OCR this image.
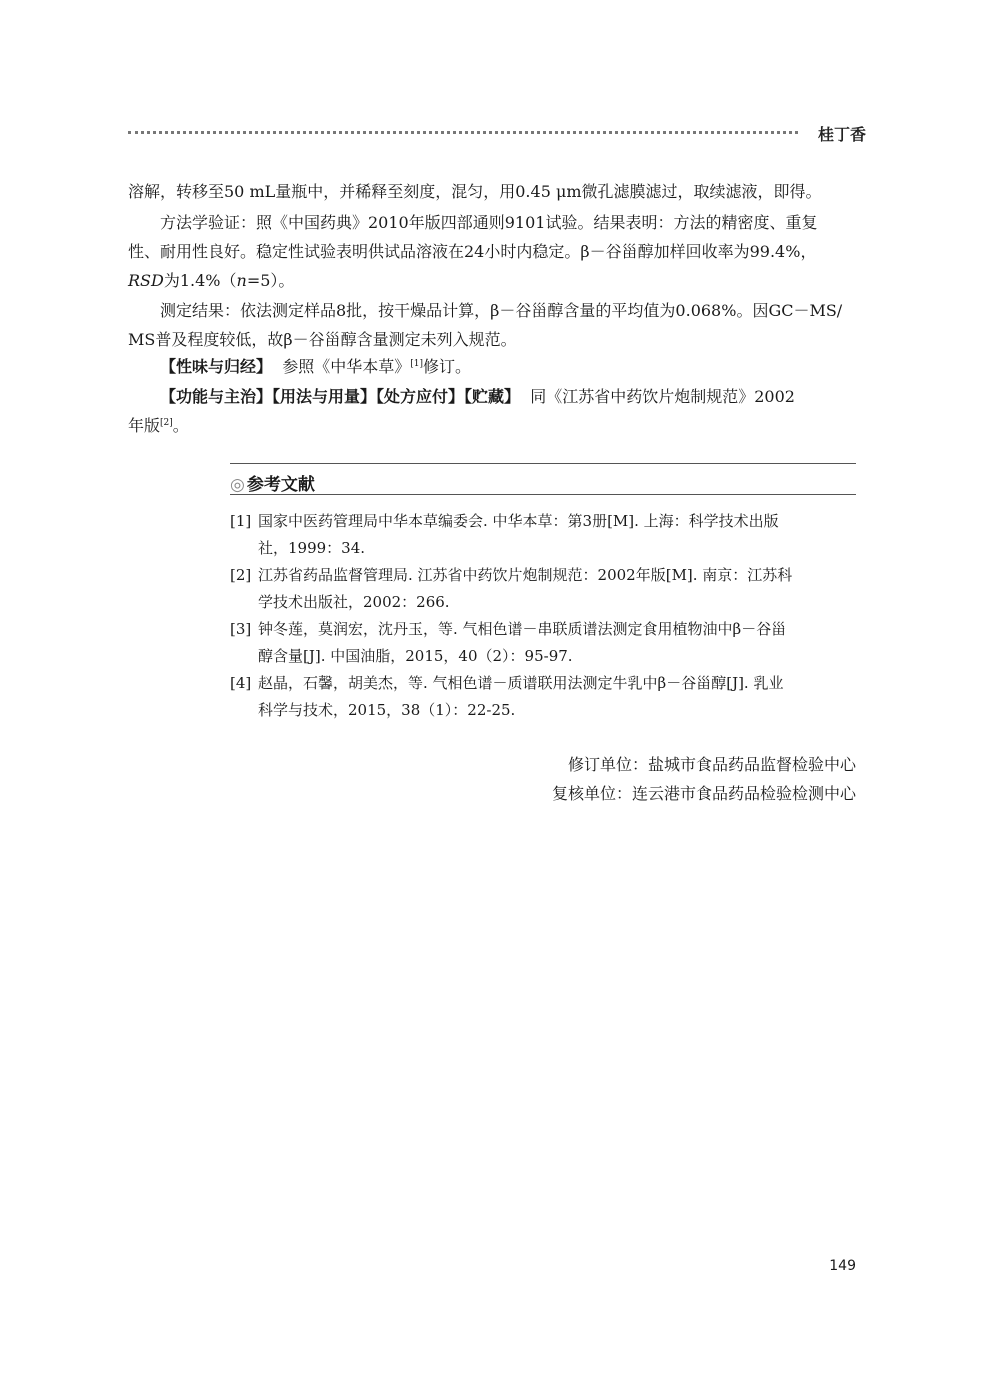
桂丁香
溶解，转移至50 mL量瓶中，并稀释至刻度，混匀，用0.45 μm微孔滤膜滤过，取续滤液，即得。
方法学验证：照《中国药典》2010年版四部通则9101试验。结果表明：方法的精密度、重复
性、耐用性良好。稳定性试验表明供试品溶液在24小时内稳定。β－谷甾醇加样回收率为99.4%，
RSD为1.4%（n=5）。
测定结果：依法测定样品8批，按干燥品计算，β－谷甾醇含量的平均值为0.068%。因GC－MS/
MS普及程度较低，故β－谷甾醇含量测定未列入规范。
【性味与归经】 参照《中华本草》[1]修订。
【功能与主治】【用法与用量】【处方应付】【贮藏】 同《江苏省中药饮片炮制规范》2002
年版[2]。
◎ 参考文献
[1] 国家中医药管理局中华本草编委会. 中华本草：第3册[M]. 上海：科学技术出版
社，1999：34.
[2] 江苏省药品监督管理局. 江苏省中药饮片炮制规范：2002年版[M]. 南京：江苏科
学技术出版社，2002：266.
[3] 钟冬莲，莫润宏，沈丹玉，等. 气相色谱－串联质谱法测定食用植物油中β－谷甾
醇含量[J]. 中国油脂，2015，40（2）：95-97.
[4] 赵晶，石馨，胡美杰，等. 气相色谱－质谱联用法测定牛乳中β－谷甾醇[J]. 乳业
科学与技术，2015，38（1）：22-25.
修订单位：盐城市食品药品监督检验中心
复核单位：连云港市食品药品检验检测中心
149
